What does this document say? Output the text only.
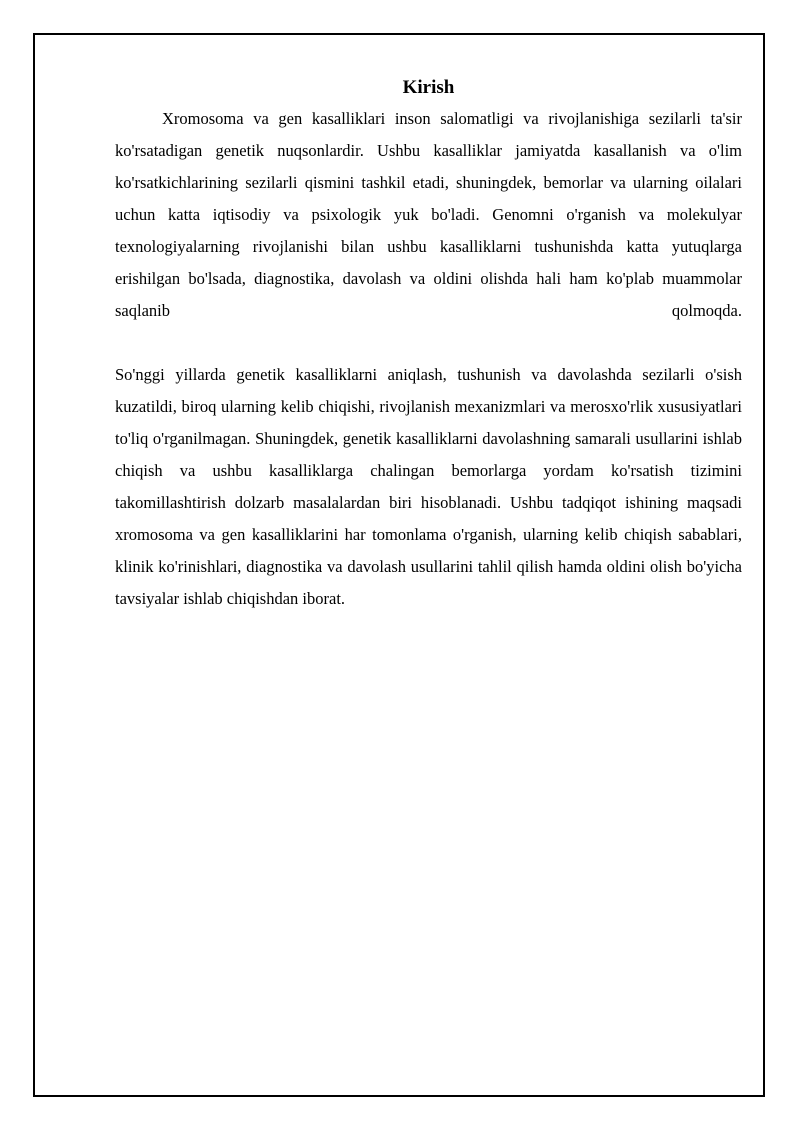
Kirish

Xromosoma va gen kasalliklari inson salomatligi va rivojlanishiga sezilarli ta'sir ko'rsatadigan genetik nuqsonlardir. Ushbu kasalliklar jamiyatda kasallanish va o'lim ko'rsatkichlarining sezilarli qismini tashkil etadi, shuningdek, bemorlar va ularning oilalari uchun katta iqtisodiy va psixologik yuk bo'ladi. Genomni o'rganish va molekulyar texnologiyalarning rivojlanishi bilan ushbu kasalliklarni tushunishda katta yutuqlarga erishilgan bo'lsada, diagnostika, davolash va oldini olishda hali ham ko'plab muammolar saqlanib qolmoqda.

So'nggi yillarda genetik kasalliklarni aniqlash, tushunish va davolashda sezilarli o'sish kuzatildi, biroq ularning kelib chiqishi, rivojlanish mexanizmlari va merosxo'rlik xususiyatlari to'liq o'rganilmagan. Shuningdek, genetik kasalliklarni davolashning samarali usullarini ishlab chiqish va ushbu kasalliklarga chalingan bemorlarga yordam ko'rsatish tizimini takomillashtirish dolzarb masalalardan biri hisoblanadi. Ushbu tadqiqot ishining maqsadi xromosoma va gen kasalliklarini har tomonlama o'rganish, ularning kelib chiqish sabablari, klinik ko'rinishlari, diagnostika va davolash usullarini tahlil qilish hamda oldini olish bo'yicha tavsiyalar ishlab chiqishdan iborat.
